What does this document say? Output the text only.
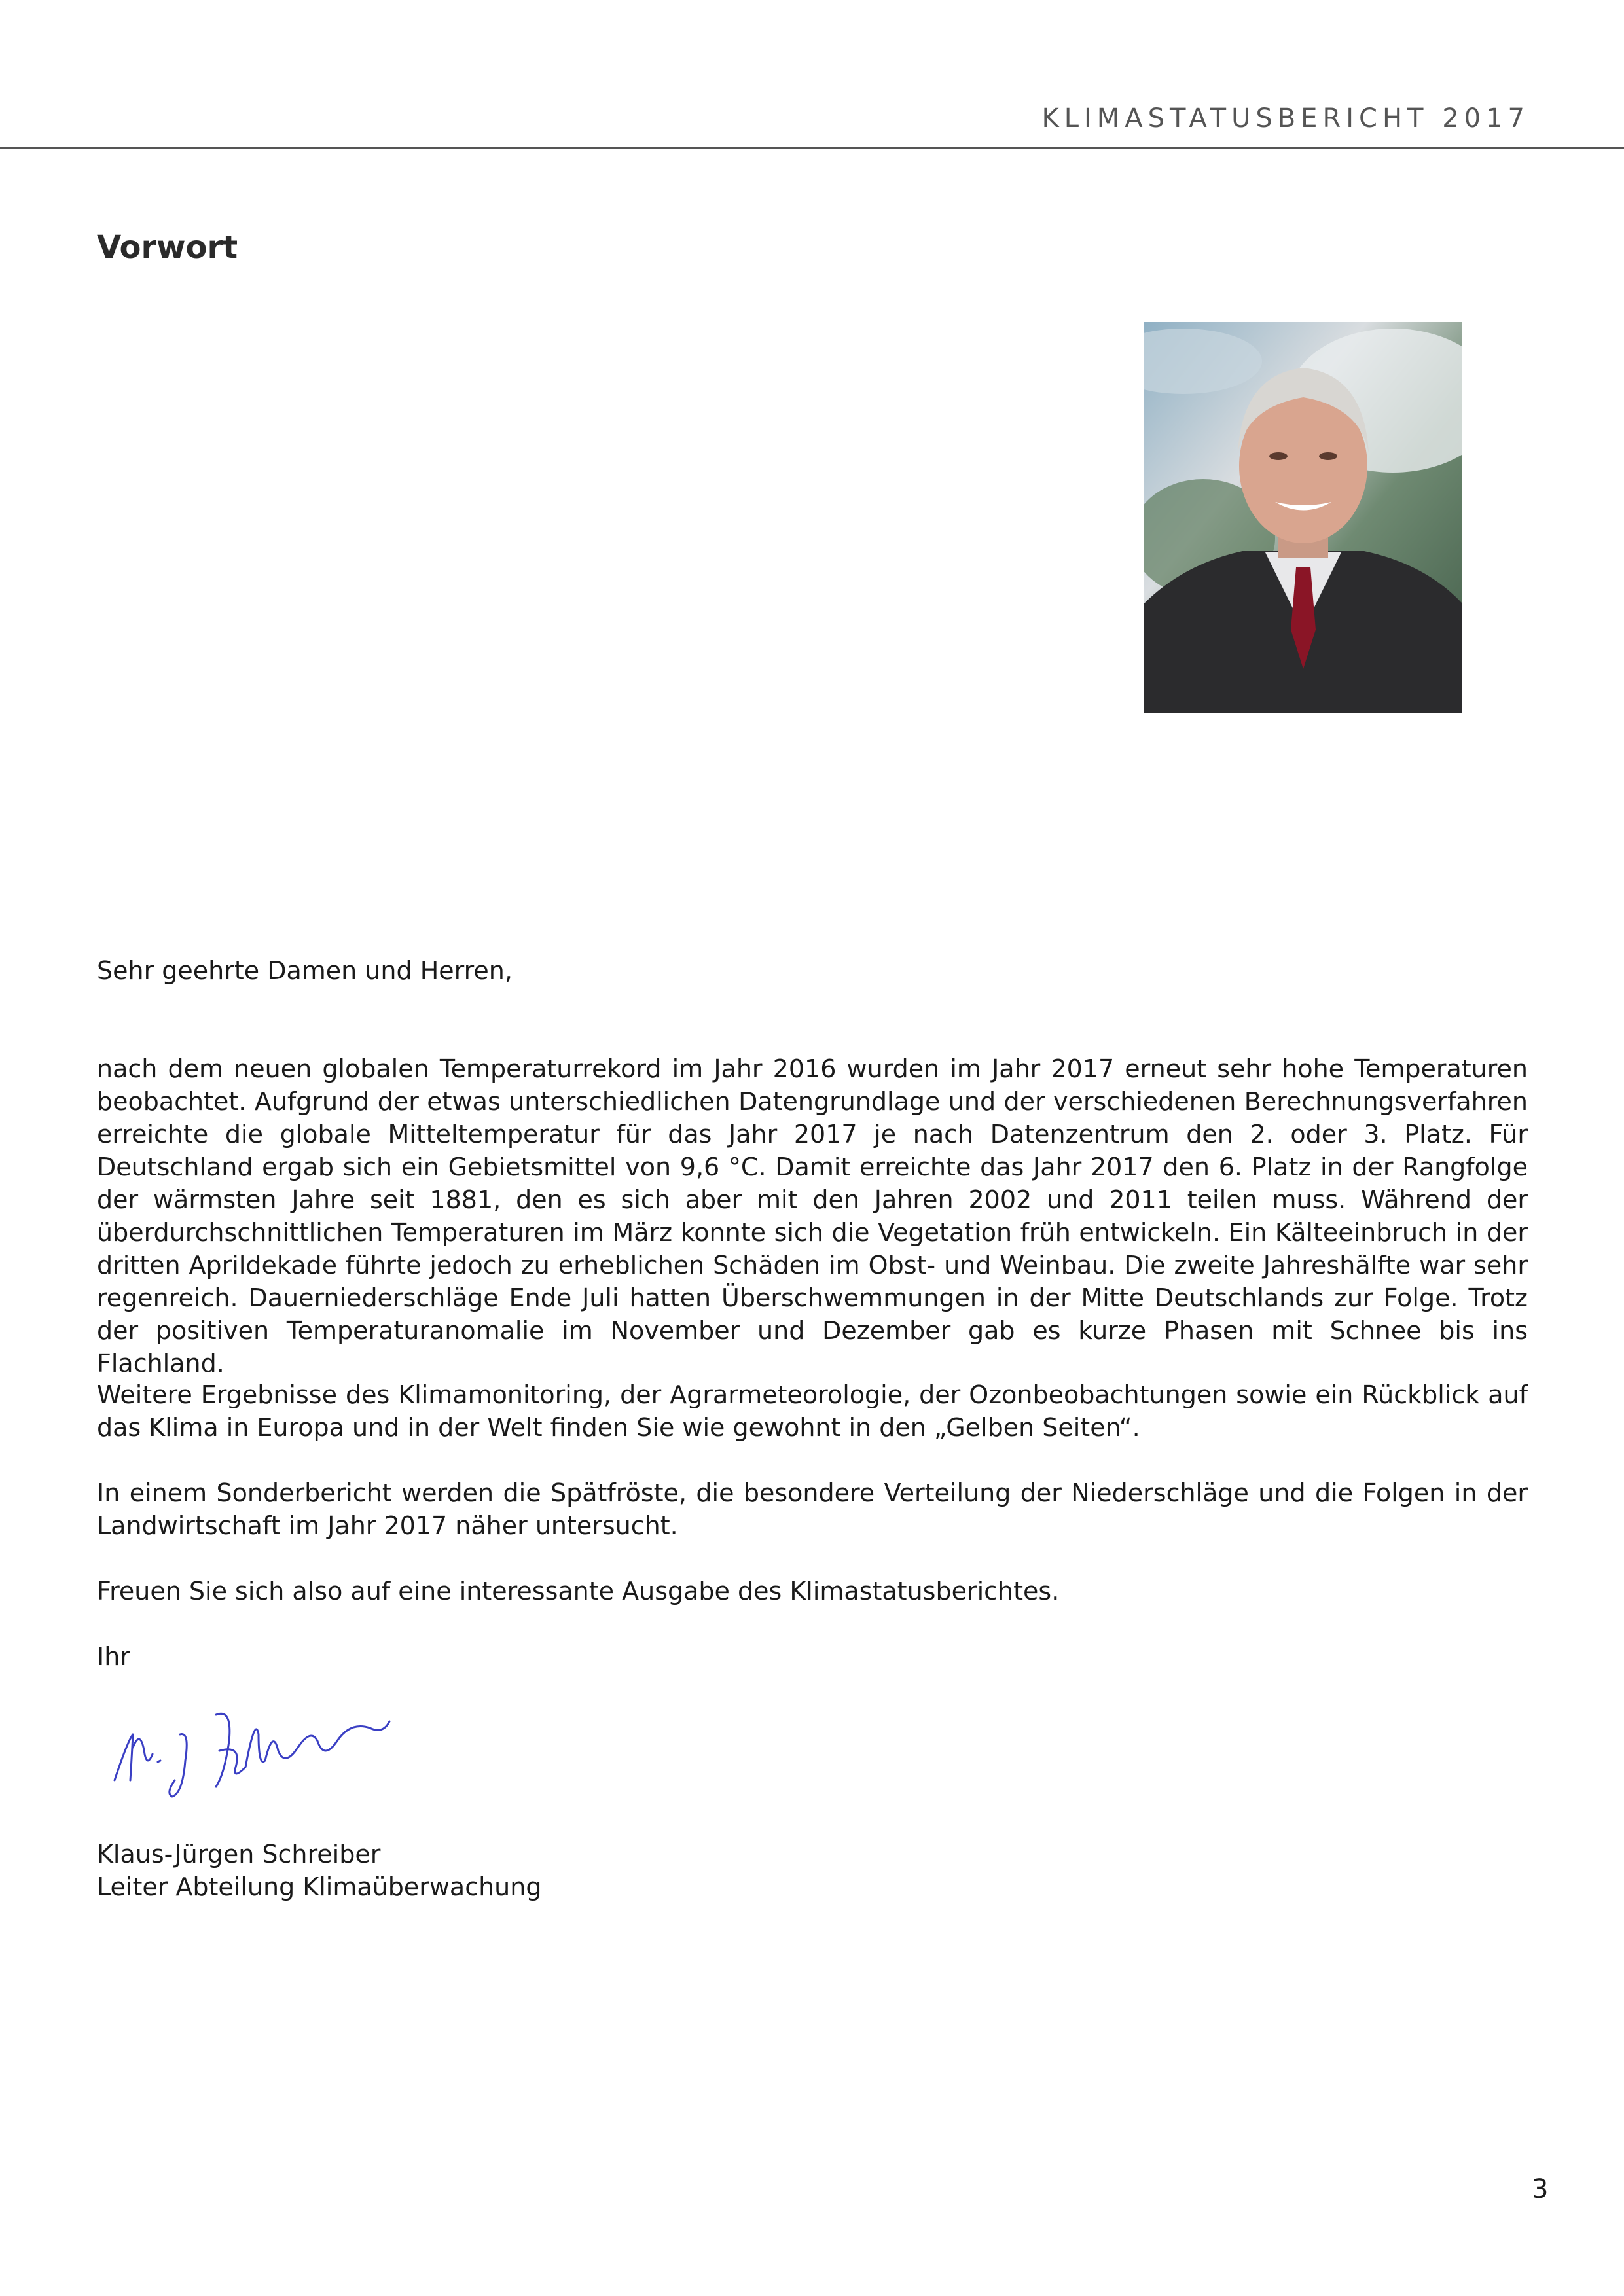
KLIMASTATUSBERICHT 2017
Vorwort

Sehr geehrte Damen und Herren,

nach dem neuen globalen Temperaturrekord im Jahr 2016 wurden im Jahr 2017 erneut sehr hohe Temperaturen beobachtet. Aufgrund der etwas unterschiedlichen Datengrundlage und der verschiedenen Berechnungsverfahren erreichte die globale Mitteltemperatur für das Jahr 2017 je nach Datenzentrum den 2. oder 3. Platz. Für Deutschland ergab sich ein Gebietsmittel von 9,6 °C. Damit erreichte das Jahr 2017 den 6. Platz in der Rangfolge der wärmsten Jahre seit 1881, den es sich aber mit den Jahren 2002 und 2011 teilen muss. Während der überdurchschnittlichen Temperaturen im März konnte sich die Vegetation früh entwickeln. Ein Kälteeinbruch in der dritten Aprildekade führte jedoch zu erheblichen Schäden im Obst- und Weinbau. Die zweite Jahreshälfte war sehr regenreich. Dauerniederschläge Ende Juli hatten Überschwemmungen in der Mitte Deutschlands zur Folge. Trotz der positiven Temperaturanomalie im November und Dezember gab es kurze Phasen mit Schnee bis ins Flachland.

Weitere Ergebnisse des Klimamonitoring, der Agrarmeteorologie, der Ozonbeobachtungen sowie ein Rückblick auf das Klima in Europa und in der Welt finden Sie wie gewohnt in den „Gelben Seiten“.

In einem Sonderbericht werden die Spätfröste, die besondere Verteilung der Niederschläge und die Folgen in der Landwirtschaft im Jahr 2017 näher untersucht.

Freuen Sie sich also auf eine interessante Ausgabe des Klimastatusberichtes.

Ihr

Klaus-Jürgen Schreiber

Leiter Abteilung Klimaüberwachung

3
